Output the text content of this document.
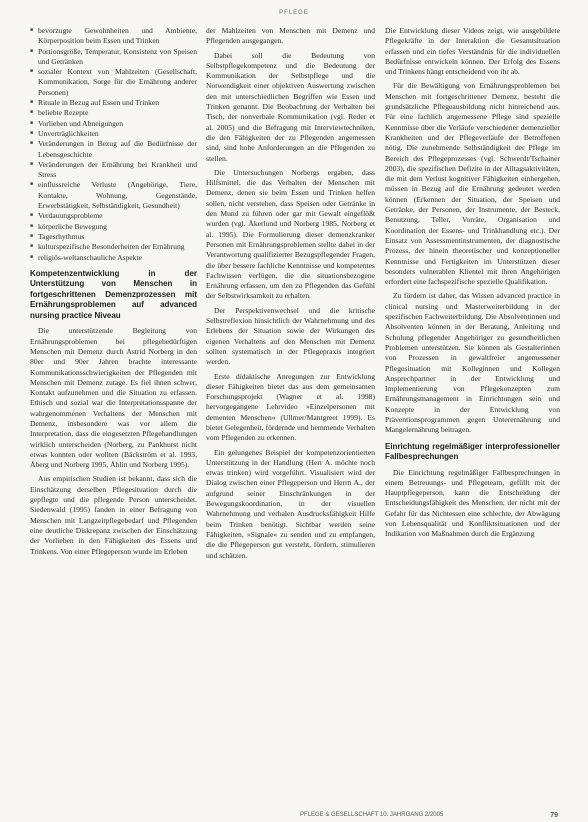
PFLEGE
■ bevorzugte Gewohnheiten und Ambiente, Körperposition beim Essen und Trinken
■ Portionsgröße, Temperatur, Konsistenz von Speisen und Getränken
■ sozialer Kontext von Mahlzeiten (Gesellschaft, Kommunikation, Sorge für die Ernährung anderer Personen)
■ Rituale in Bezug auf Essen und Trinken
■ beliebte Rezepte
■ Vorlieben und Abneigungen
■ Unverträglichkeiten
■ Veränderungen in Bezug auf die Bedürfnisse der Lebensgeschichte
■ Veränderungen der Ernährung bei Krankheit und Stress
■ einflussreiche Verluste (Angehörige, Tiere, Kontakte, Wohnung, Gegenstände, Erwerbstätigkeit, Selbständigkeit, Gesundheit)
■ Verdauungsprobleme
■ körperliche Bewegung
■ Tagesrhythmus
■ kulturspezifische Besonderheiten der Ernährung
■ religiös-weltanschauliche Aspekte
Kompetenzentwicklung in der Unterstützung von Menschen in fortgeschrittenen Demenzprozessen mit Ernährungsproblemen auf advanced nursing practice Niveau

Die unterstützende Begleitung von Ernährungsproblemen bei pflegebedürftigen Menschen mit Demenz durch Astrid Norberg in den 80er und 90er Jahren brachte interessante Kommunikationsschwierigkeiten der Pflegenden mit Menschen mit Demenz zutage. Es fiel ihnen schwer, Kontakt aufzunehmen und die Situation zu erfassen. Ethisch und sozial war die Interpretationsspanne der wahrgenommenen Verhaltens der Menschen mit Demenz, insbesondere was vor allem die Interpretation, dass die eingesetzten Pflegehandlungen wirklich unterscheiden (Norberg, zu Pankhurst nicht etwas konnten oder wollten (Bäckström et al. 1993, Åberg und Norberg 1995, Åhlin und Norberg 1995).

Aus empirischen Studien ist bekannt, dass sich die Einschätzung derselben Pflegesituation durch die gepflegte und die pflegende Person unterscheidet. Siedenwald (1995) fanden in einer Befragung von Menschen mit Langzeitpflegebedarf und Pflegenden eine deutliche Diskrepanz zwischen der Einschätzung der Vorlieben in den Fähigkeiten des Essens und Trinkens. Von einer Pflegeperson wurde im Erleben

der Mahlzeiten von Menschen mit Demenz und Pflegenden ausgegangen.

Dabei soll die Bedeutung von Selbstpflegekompetenz und die Bedeutung der Kommunikation der Selbstpflege und die Notwendigkeit einer objektiven Auswertung zwischen den mit unterschiedlichen Begriffen wie Essen und Trinken genannt. Die Beobachtung der Verhalten bei Tisch, der nonverbale Kommunikation (vgl. Reder et al. 2005) und die Befragung mit Interviewtechniken, die den Fähigkeiten der zu Pflegenden angemessen sind, sind hohe Anforderungen an die Pflegenden zu stellen.

Die Untersuchungen Norbergs ergaben, dass Hilfsmittel, die das Verhalten der Menschen mit Demenz, denen sie beim Essen und Trinken helfen sollen, nicht verstehen, dass Speisen oder Getränke in den Mund zu führen oder gar mit Gewalt eingeflößt wurden (vgl. Åkerlund und Norberg 1985, Norberg et al. 1995). Die Formulierung dieser demenzkranker Personen mit Ernährungsproblemen stellte dabei in der Verantwortung qualifizierter Bezugspflegender Fragen, die über bessere fachliche Kenntnisse und kompetentes Fachwissen verfügen, die die situationsbezogene Ernährung erfassen, um den zu Pflegenden das Gefühl der Selbstwirksamkeit zu erhalten.

Der Perspektivenwechsel und die kritische Selbstreflexion hinsichtlich der Wahrnehmung und des Erlebens der Situation sowie der Wirkungen des eigenen Verhaltens auf den Menschen mit Demenz sollten systematisch in der Pflegepraxis integriert werden.

Erste didaktische Anregungen zur Entwicklung dieser Fähigkeiten bietet das aus dem gemeinsamen Forschungsprojekt (Wagner et al. 1998) hervorgegangene Lehrvideo »Einzelpersonen mit dementen Menschen« (Ullmer/Mantgreet 1999). Es bietet Gelegenheit, fördernde und hemmende Verhalten vom Pflegenden zu erkennen.

Ein gelungenes Beispiel der kompetenzorientierten Unterstützung in der Handlung (Herr A. möchte noch etwas trinken) wird vorgeführt. Visualisiert wird der Dialog zwischen einer Pflegeperson und Herrn A., der aufgrund seiner Einschränkungen in der Bewegungskoordination, in der visuellen Wahrnehmung und verbalen Ausdrucksfähigkeit Hilfe beim Trinken benötigt. Sichtbar werden seine Fähigkeiten, »Signale« zu senden und zu empfangen, die die Pflegeperson gut versteht, fördern, stimulieren und schätzen.

Die Entwicklung dieser Videos zeigt, wie ausgebildete Pflegekräfte in der Interaktion die Gesamtsituation erfassen und ein tiefes Verständnis für die individuellen Bedürfnisse entwickeln können. Der Erfolg des Essens und Trinkens hängt entscheidend von ihr ab.

Für die Bewältigung von Ernährungsproblemen bei Menschen mit fortgeschrittener Demenz, besteht die grundsätzliche Pflegeausbildung nicht hinreichend aus. Für eine fachlich angemessene Pflege sind spezielle Kenntnisse über die Verläufe verschiedener demenzieller Krankheiten und der Pflegeverläufe der Betroffenen nötig. Die zunehmende Selbständigkeit der Pflege im Bereich des Pflegeprozesses (vgl. Schwerdt/Tschainer 2003), die spezifischen Defizite in der Alltagsaktivitäten, die mit dem Verlust kognitiver Fähigkeiten einhergehen, müssen in Bezug auf die Ernährung gedeutet werden können (Erkennen der Situation, der Speisen und Getränke, der Personen, der Instrumente, der Besteck, Benutzung, Teller, Vorräte, Organisation und Koordination der Essens- und Trinkhandlung etc.). Der Einsatz von Assessmentinstrumenten, der diagnostische Prozess, der hinein theoretischer und konzeptioneller Kenntnisse und Fertigkeiten im Unterstützen dieser besonders vulnerablen Klientel mit ihren Angehörigen erfordert eine fachspezifische spezielle Qualifikation.

Zu fördern ist daher, das Wissen advanced practice in clinical nursing und Masterweiterbildung in der spezifischen Fachweiterbildung. Die Absolventinnen und Absolventen können in der Beratung, Anleitung und Schulung pflegender Angehöriger zu gesundheitlichen Problemen unterstützen. Sie können als Gestalterinnen von Prozessen in gewaltfreier angemessener Pflegesituation mit Kolleginnen und Kollegen Ansprechpartner in der Entwicklung und Implementierung von Pflegekonzepten zum Ernährungsmanagement in Einrichtungen sein und Konzepte in der Entwicklung von Präventionsprogrammen gegen Unterernährung und Mangelernährung beitragen.

Einrichtung regelmäßiger interprofessioneller Fallbesprechungen

Die Einrichtung regelmäßiger Fallbesprechungen in einem Betreuungs- und Pflegeteam, gefüllt mit der Hauptpflegeperson, kann die Entscheidung der Entscheidungsfähigkeit des Menschen, der nicht mit der Gefahr für das Nichtessen eine schlechte, der Abwägung von Lebensqualität und Konfliktsituationen und der Indikation von Maßnahmen durch die Ergänzung

PFLEGE & GESELLSCHAFT 10. JAHRGANG 2/2005	79
